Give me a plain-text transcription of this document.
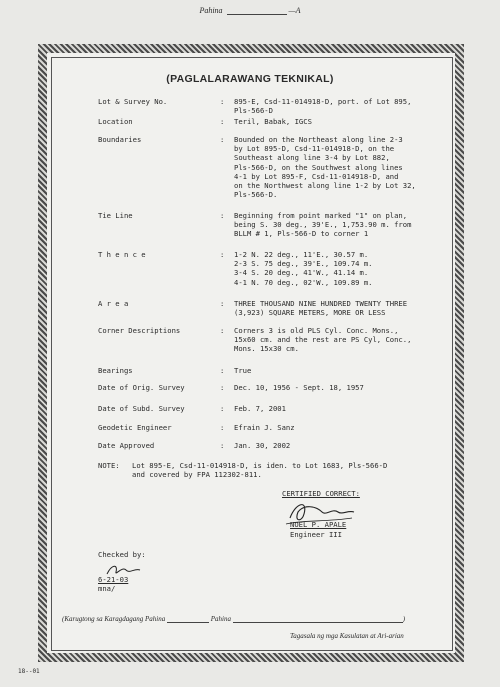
Pahina	—A
(PAGLALARAWANG TEKNIKAL)
Lot & Survey No.	: 895-E, Csd-11-014918-D, port. of Lot 895,
Pls-566-D
Location	: Teril, Babak, IGCS
Boundaries	: Bounded on the Northeast along line 2-3
by Lot 895-D, Csd-11-014918-D, on the
Southeast along line 3-4 by Lot 882,
Pls-566-D, on the Southwest along lines
4-1 by Lot 895-F, Csd-11-014918-D, and
on the Northwest along line 1-2 by Lot 32,
Pls-566-D.
Tie Line	: Beginning from point marked "1" on plan,
being S. 30 deg., 39'E., 1,753.90 m. from
BLLM # 1, Pls-566-D to corner 1
T h e n c e	: 1-2 N. 22 deg., 11'E., 30.57 m.
2-3 S. 75 deg., 39'E., 109.74 m.
3-4 S. 20 deg., 41'W., 41.14 m.
4-1 N. 70 deg., 02'W., 109.89 m.
A r e a	: THREE THOUSAND NINE HUNDRED TWENTY THREE
(3,923) SQUARE METERS, MORE OR LESS
Corner Descriptions	: Corners 3 is old PLS Cyl. Conc. Mons.,
15x60 cm. and the rest are PS Cyl, Conc.,
Mons. 15x30 cm.
Bearings	: True
Date of Orig. Survey	: Dec. 10, 1956 - Sept. 18, 1957
Date of Subd. Survey	: Feb. 7, 2001
Geodetic Engineer	: Efrain J. Sanz
Date Approved	: Jan. 30, 2002
NOTE: Lot 895-E, Csd-11-014918-D, is iden. to Lot 1683, Pls-566-D
and covered by FPA 112302-811.
CERTIFIED CORRECT:
NOEL P. APALE
Engineer III
Checked by:
6-21-03
mna/
(Karugtong sa Karagdagang Pahina	Pahina	)
Tagasala ng mga Kasulatan at Ari-arian
18--01
